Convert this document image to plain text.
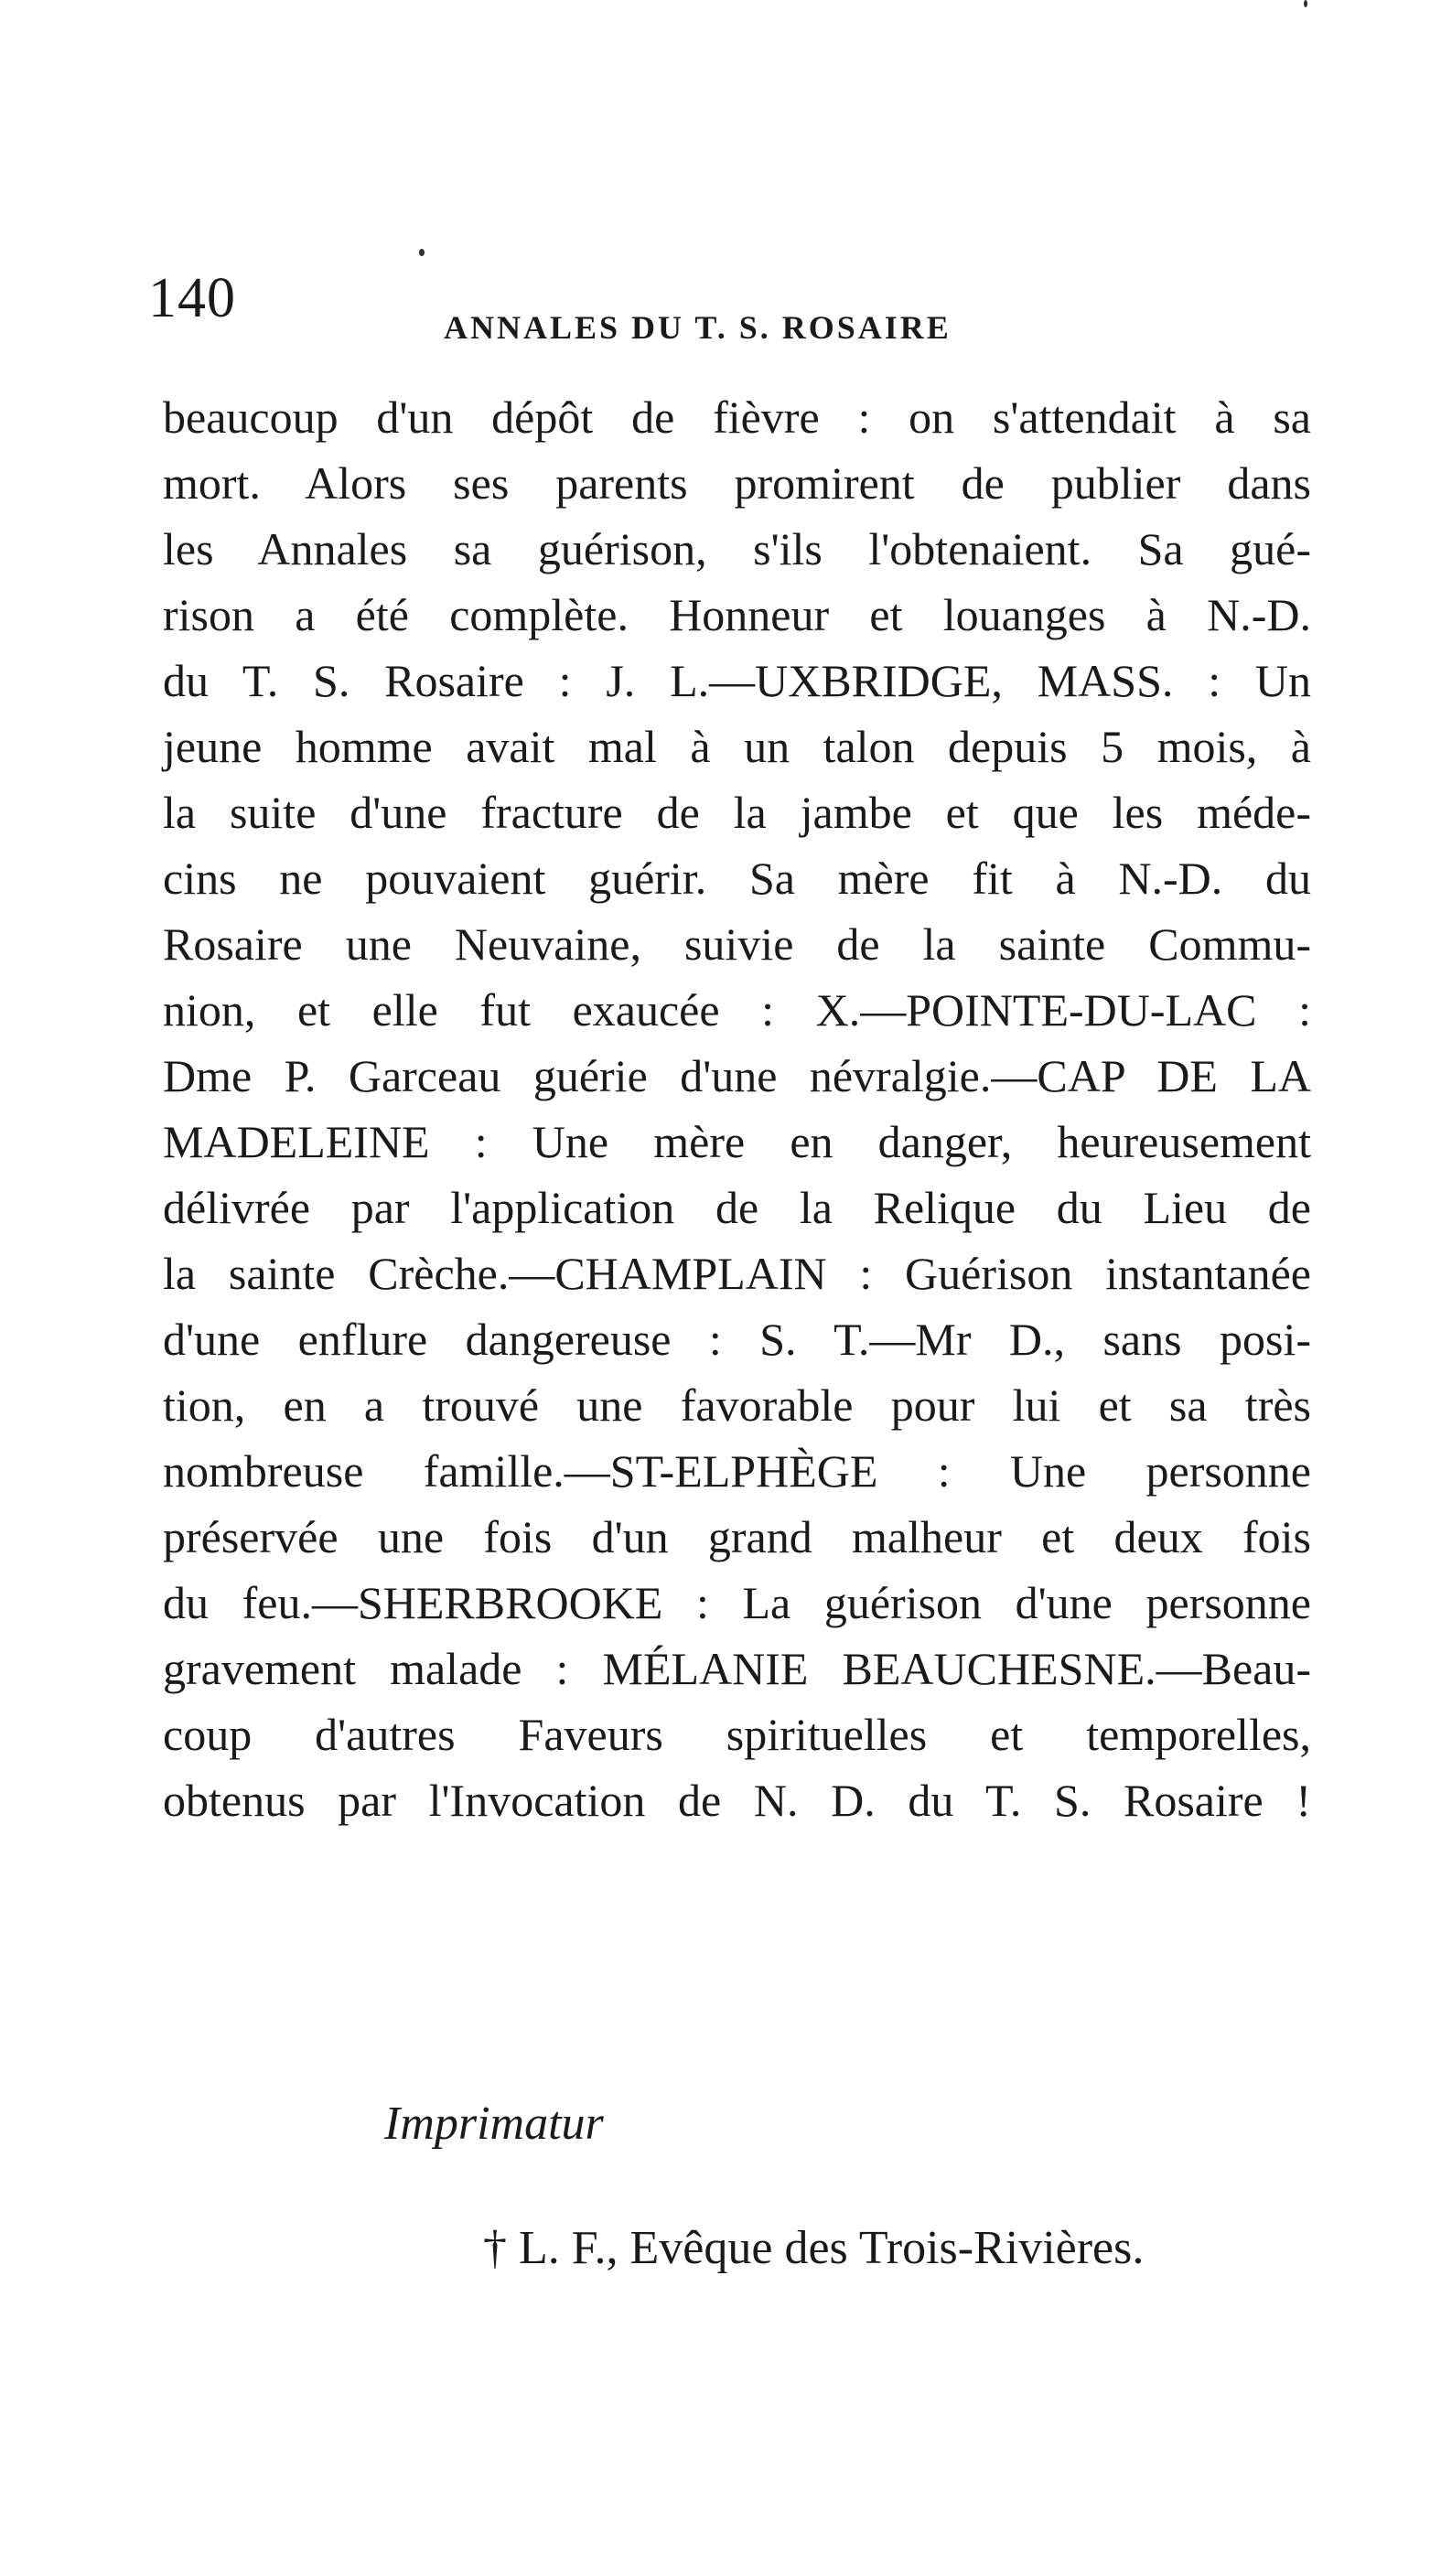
140	ANNALES DU T. S. ROSAIRE
beaucoup d'un dépôt de fièvre : on s'attendait à sa
mort. Alors ses parents promirent de publier dans
les Annales sa guérison, s'ils l'obtenaient. Sa gué-
rison a été complète. Honneur et louanges à N.-D.
du T. S. Rosaire : J. L.—UXBRIDGE, MASS. : Un
jeune homme avait mal à un talon depuis 5 mois, à
la suite d'une fracture de la jambe et que les méde-
cins ne pouvaient guérir. Sa mère fit à N.-D. du
Rosaire une Neuvaine, suivie de la sainte Commu-
nion, et elle fut exaucée : X.—POINTE-DU-LAC :
Dme P. Garceau guérie d'une névralgie.—CAP DE LA
MADELEINE : Une mère en danger, heureusement
délivrée par l'application de la Relique du Lieu de
la sainte Crèche.—CHAMPLAIN : Guérison instantanée
d'une enflure dangereuse : S. T.—Mr D., sans posi-
tion, en a trouvé une favorable pour lui et sa très
nombreuse famille.—ST-ELPHÈGE : Une personne
préservée une fois d'un grand malheur et deux fois
du feu.—SHERBROOKE : La guérison d'une personne
gravement malade : MÉLANIE BEAUCHESNE.—Beau-
coup d'autres Faveurs spirituelles et temporelles,
obtenus par l'Invocation de N. D. du T. S. Rosaire !
Imprimatur
† L. F., Evêque des Trois-Rivières.
